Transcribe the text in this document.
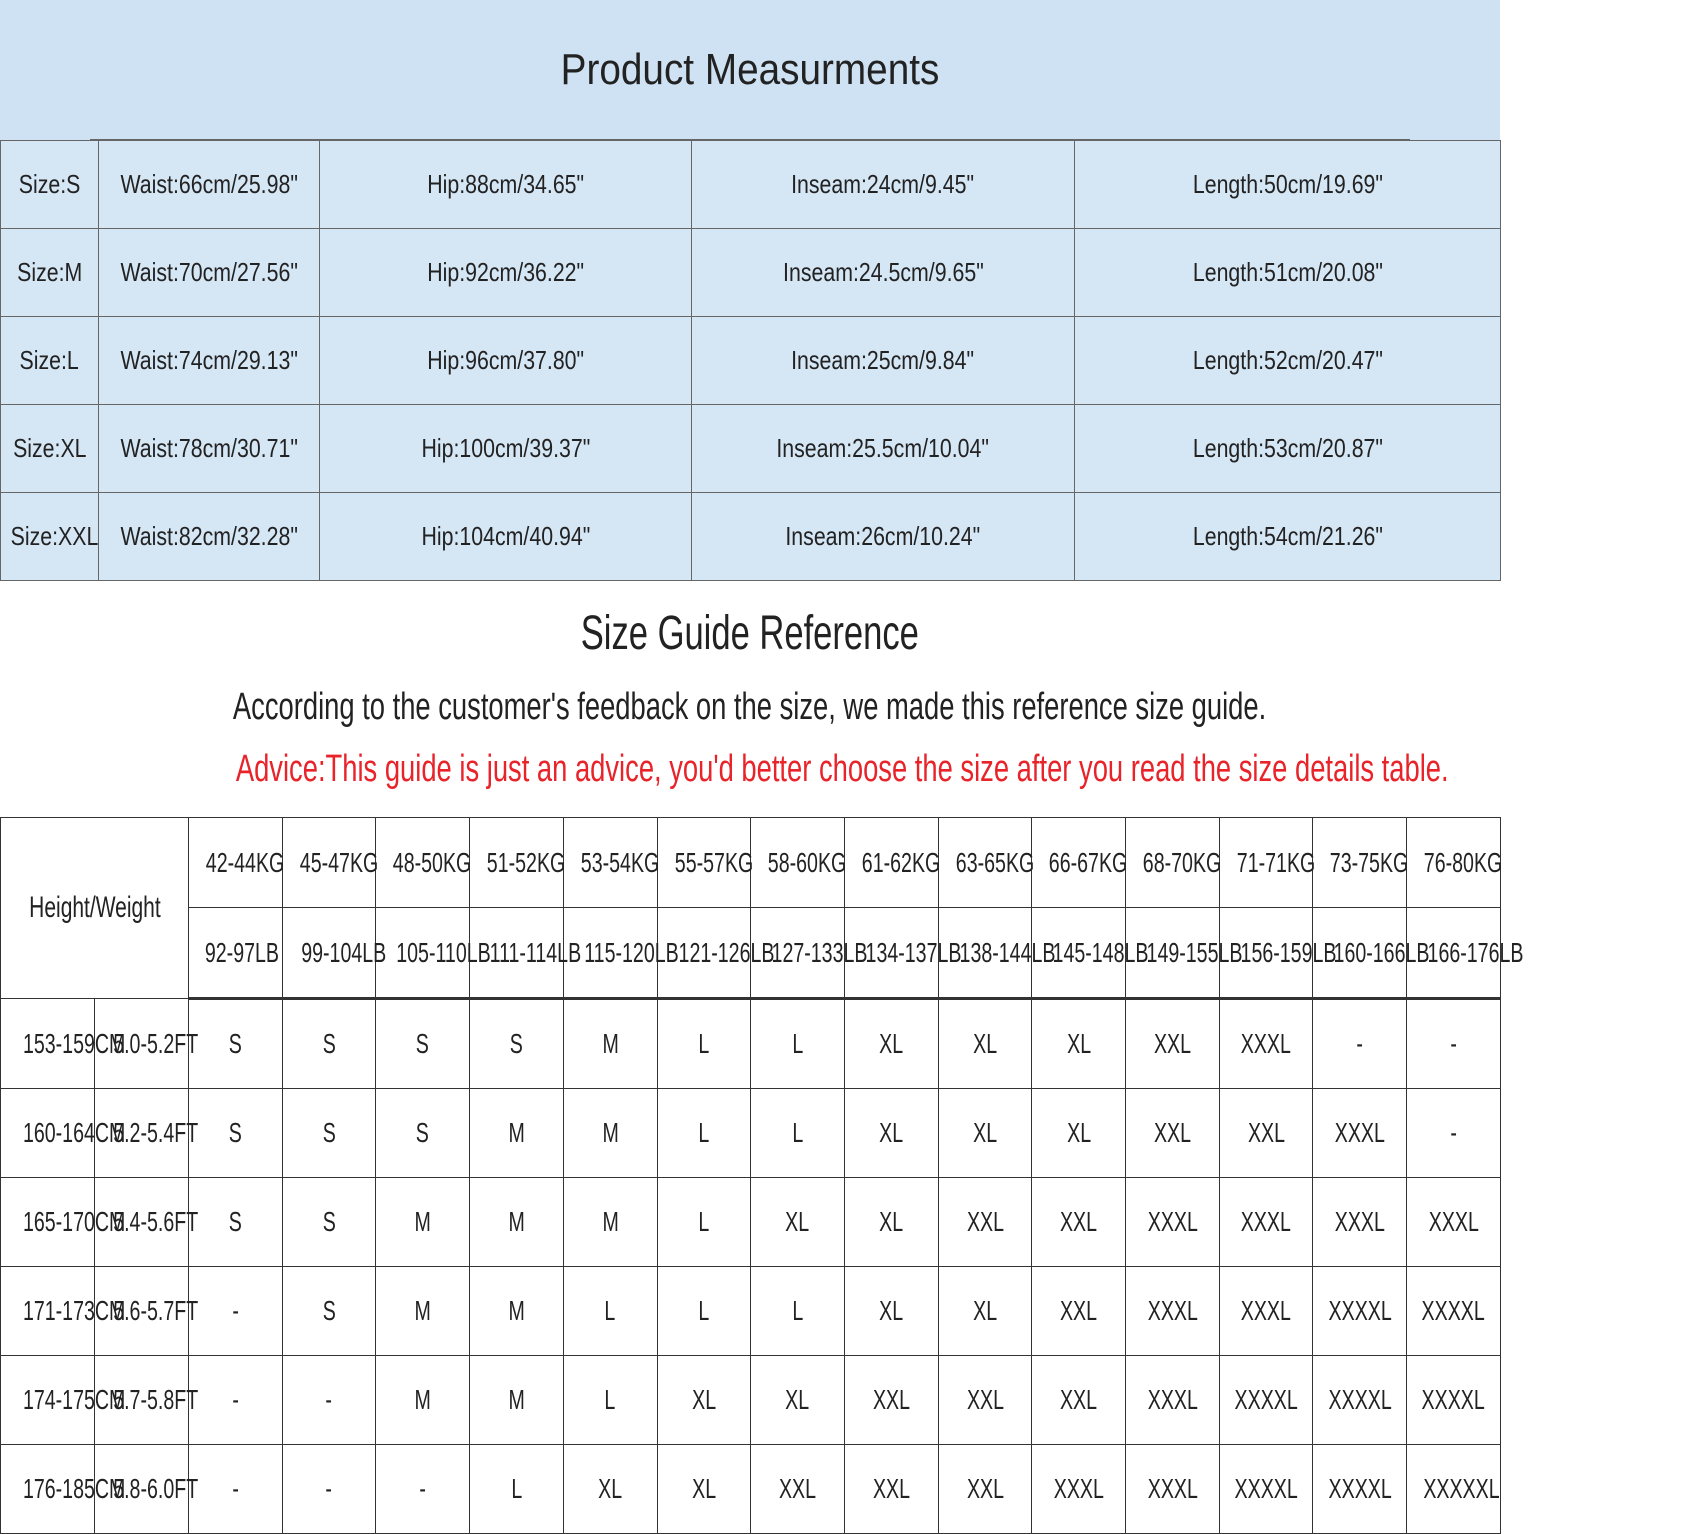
Product Measurments
Size:S	Waist:66cm/25.98"	Hip:88cm/34.65"	Inseam:24cm/9.45"	Length:50cm/19.69"
Size:M	Waist:70cm/27.56"	Hip:92cm/36.22"	Inseam:24.5cm/9.65"	Length:51cm/20.08"
Size:L	Waist:74cm/29.13"	Hip:96cm/37.80"	Inseam:25cm/9.84"	Length:52cm/20.47"
Size:XL	Waist:78cm/30.71"	Hip:100cm/39.37"	Inseam:25.5cm/10.04"	Length:53cm/20.87"
Size:XXL	Waist:82cm/32.28"	Hip:104cm/40.94"	Inseam:26cm/10.24"	Length:54cm/21.26"
Size Guide Reference
According to the customer's feedback on the size, we made this reference size guide.
Advice:This guide is just an advice, you'd better choose the size after you read the size details table.
Height/Weight		42-44KG	45-47KG	48-50KG	51-52KG	53-54KG	55-57KG	58-60KG	61-62KG	63-65KG	66-67KG	68-70KG	71-71KG	73-75KG	76-80KG
		92-97LB	99-104LB	105-110LB	111-114LB	115-120LB	121-126LB	127-133LB	134-137LB	138-144LB	145-148LB	149-155LB	156-159LB	160-166LB	166-176LB
153-159CM	5.0-5.2FT	S	S	S	S	M	L	L	XL	XL	XL	XXL	XXXL	-	-
160-164CM	5.2-5.4FT	S	S	S	M	M	L	L	XL	XL	XL	XXL	XXL	XXXL	-
165-170CM	5.4-5.6FT	S	S	M	M	M	L	XL	XL	XXL	XXL	XXXL	XXXL	XXXL	XXXL
171-173CM	5.6-5.7FT	-	S	M	M	L	L	L	XL	XL	XXL	XXXL	XXXL	XXXXL	XXXXL
174-175CM	5.7-5.8FT	-	-	M	M	L	XL	XL	XXL	XXL	XXL	XXXL	XXXXL	XXXXL	XXXXL
176-185CM	5.8-6.0FT	-	-	-	L	XL	XL	XXL	XXL	XXL	XXXL	XXXL	XXXXL	XXXXL	XXXXXL
